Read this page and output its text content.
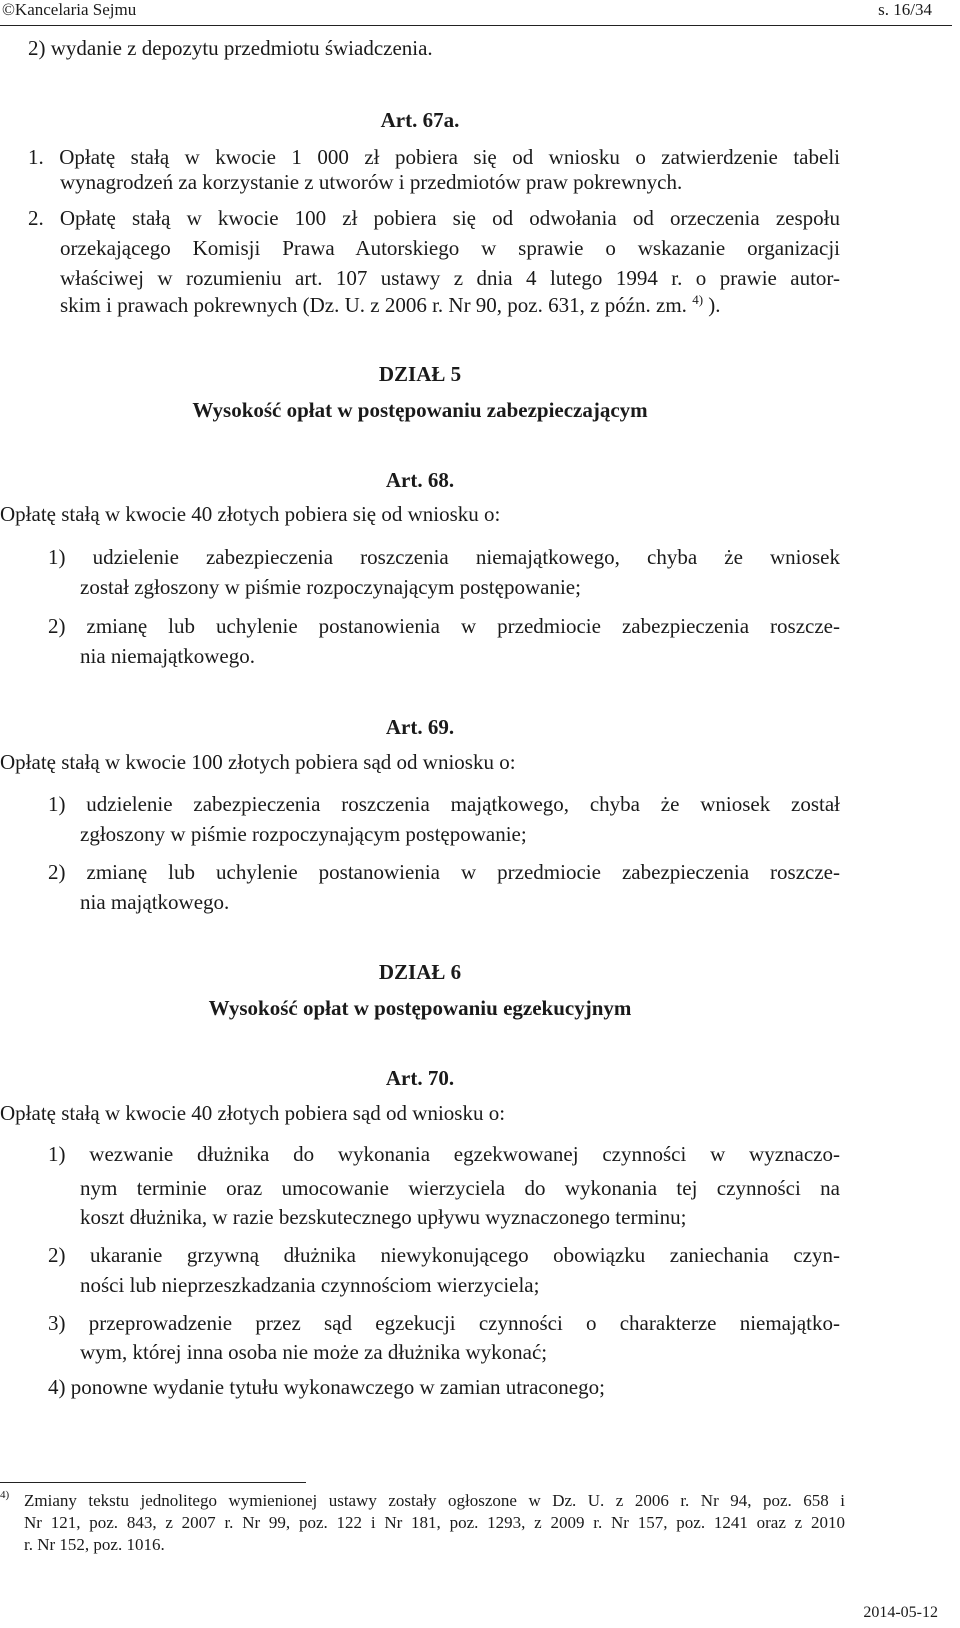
©Kancelaria Sejmu	s. 16/34
2) wydanie z depozytu przedmiotu świadczenia.
Art. 67a.
1. Opłatę stałą w kwocie 1 000 zł pobiera się od wniosku o zatwierdzenie tabeli
wynagrodzeń za korzystanie z utworów i przedmiotów praw pokrewnych.
2. Opłatę stałą w kwocie 100 zł pobiera się od odwołania od orzeczenia zespołu
orzekającego Komisji Prawa Autorskiego w sprawie o wskazanie organizacji
właściwej w rozumieniu art. 107 ustawy z dnia 4 lutego 1994 r. o prawie autor-
skim i prawach pokrewnych (Dz. U. z 2006 r. Nr 90, poz. 631, z późn. zm. $^{4)}$ ).
DZIAŁ 5
Wysokość opłat w postępowaniu zabezpieczającym
Art. 68.
Opłatę stałą w kwocie 40 złotych pobiera się od wniosku o:
1) udzielenie zabezpieczenia roszczenia niemajątkowego, chyba że wniosek
został zgłoszony w piśmie rozpoczynającym postępowanie;
2) zmianę lub uchylenie postanowienia w przedmiocie zabezpieczenia roszcze-
nia niemajątkowego.
Art. 69.
Opłatę stałą w kwocie 100 złotych pobiera sąd od wniosku o:
1) udzielenie zabezpieczenia roszczenia majątkowego, chyba że wniosek został
zgłoszony w piśmie rozpoczynającym postępowanie;
2) zmianę lub uchylenie postanowienia w przedmiocie zabezpieczenia roszcze-
nia majątkowego.
DZIAŁ 6
Wysokość opłat w postępowaniu egzekucyjnym
Art. 70.
Opłatę stałą w kwocie 40 złotych pobiera sąd od wniosku o:
1) wezwanie dłużnika do wykonania egzekwowanej czynności w wyznaczo-
nym terminie oraz umocowanie wierzyciela do wykonania tej czynności na
koszt dłużnika, w razie bezskutecznego upływu wyznaczonego terminu;
2) ukaranie grzywną dłużnika niewykonującego obowiązku zaniechania czyn-
ności lub nieprzeszkadzania czynnościom wierzyciela;
3) przeprowadzenie przez sąd egzekucji czynności o charakterze niemajątko-
wym, której inna osoba nie może za dłużnika wykonać;
4) ponowne wydanie tytułu wykonawczego w zamian utraconego;
4) Zmiany tekstu jednolitego wymienionej ustawy zostały ogłoszone w Dz. U. z 2006 r. Nr 94, poz. 658 i
Nr 121, poz. 843, z 2007 r. Nr 99, poz. 122 i Nr 181, poz. 1293, z 2009 r. Nr 157, poz. 1241 oraz z 2010
r. Nr 152, poz. 1016.
2014-05-12
